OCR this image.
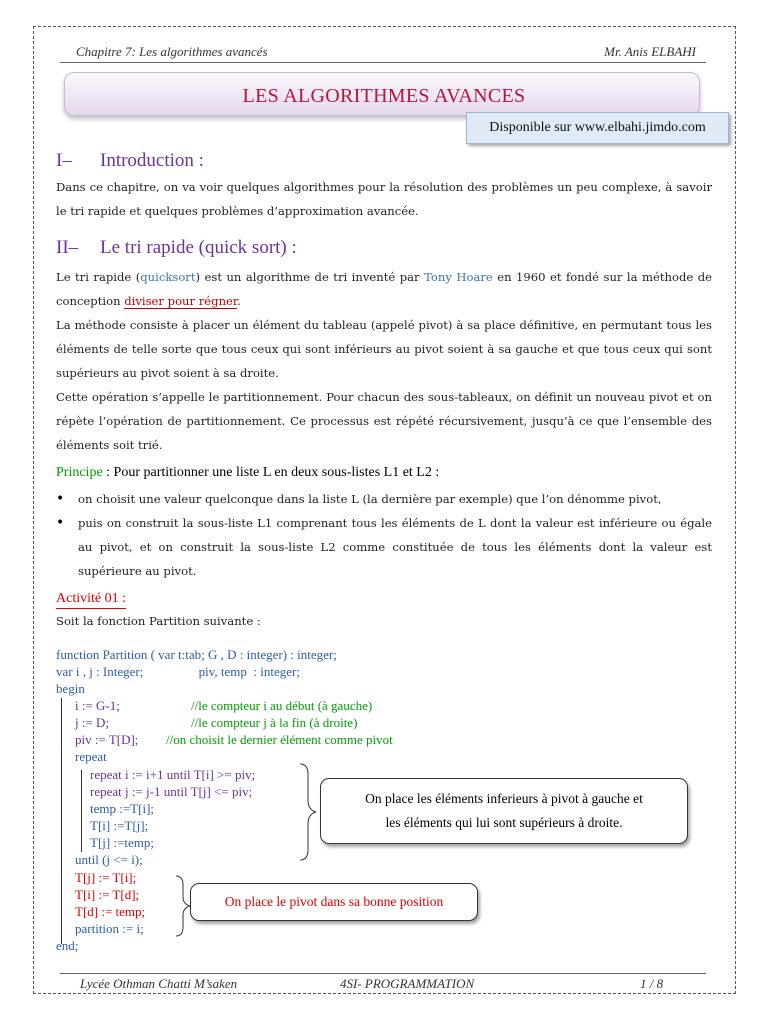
Chapitre 7: Les algorithmes avancés	Mr. Anis ELBAHI
LES ALGORITHMES AVANCES
Disponible sur www.elbahi.jimdo.com
I– Introduction :
Dans ce chapitre, on va voir quelques algorithmes pour la résolution des problèmes un peu complexe, à savoir le tri rapide et quelques problèmes d’approximation avancée.
II– Le tri rapide (quick sort) :
Le tri rapide (quicksort) est un algorithme de tri inventé par Tony Hoare en 1960 et fondé sur la méthode de conception diviser pour régner.
La méthode consiste à placer un élément du tableau (appelé pivot) à sa place définitive, en permutant tous les éléments de telle sorte que tous ceux qui sont inférieurs au pivot soient à sa gauche et que tous ceux qui sont supérieurs au pivot soient à sa droite.
Cette opération s’appelle le partitionnement. Pour chacun des sous-tableaux, on définit un nouveau pivot et on répète l’opération de partitionnement. Ce processus est répété récursivement, jusqu’à ce que l’ensemble des éléments soit trié.
Principe : Pour partitionner une liste L en deux sous-listes L1 et L2 :
• on choisit une valeur quelconque dans la liste L (la dernière par exemple) que l’on dénomme pivot,
• puis on construit la sous-liste L1 comprenant tous les éléments de L dont la valeur est inférieure ou égale au pivot, et on construit la sous-liste L2 comme constituée de tous les éléments dont la valeur est supérieure au pivot.
Activité 01 :
Soit la fonction Partition suivante :
function Partition ( var t:tab; G , D : integer) : integer;
var i , j : Integer;                 piv, temp  : integer;
begin
i := G-1;	//le compteur i au début (à gauche)
j := D;	//le compteur j à la fin (à droite)
piv := T[D]; //on choisit le dernier élément comme pivot
repeat
repeat i := i+1 until T[i] >= piv;
repeat j := j-1 until T[j] <= piv;
temp :=T[i];
T[i] :=T[j];
T[j] :=temp;
until (j <= i);
T[j] := T[i];
T[i] := T[d];
T[d] := temp;
partition := i;
end;
On place les éléments inferieurs à pivot à gauche et
les éléments qui lui sont supérieurs à droite.
On place le pivot dans sa bonne position
Lycée Othman Chatti M’saken	4SI- PROGRAMMATION	1 / 8
